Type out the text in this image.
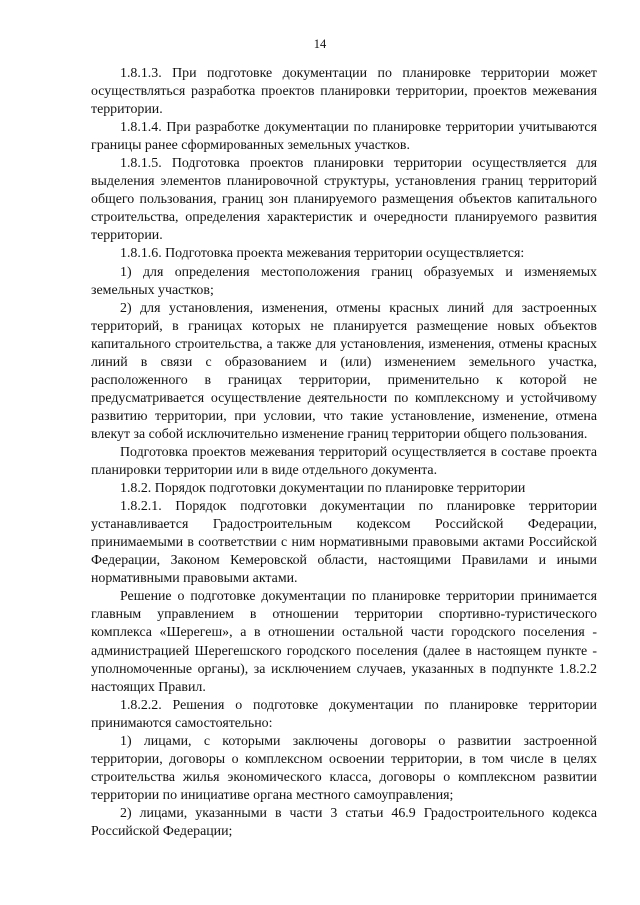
14

1.8.1.3. При подготовке документации по планировке территории может осуществляться разработка проектов планировки территории, проектов межевания территории.

1.8.1.4. При разработке документации по планировке территории учитываются границы ранее сформированных земельных участков.

1.8.1.5. Подготовка проектов планировки территории осуществляется для выделения элементов планировочной структуры, установления границ территорий общего пользования, границ зон планируемого размещения объектов капитального строительства, определения характеристик и очередности планируемого развития территории.

1.8.1.6. Подготовка проекта межевания территории осуществляется:

1) для определения местоположения границ образуемых и изменяемых земельных участков;

2) для установления, изменения, отмены красных линий для застроенных территорий, в границах которых не планируется размещение новых объектов капитального строительства, а также для установления, изменения, отмены красных линий в связи с образованием и (или) изменением земельного участка, расположенного в границах территории, применительно к которой не предусматривается осуществление деятельности по комплексному и устойчивому развитию территории, при условии, что такие установление, изменение, отмена влекут за собой исключительно изменение границ территории общего пользования.

Подготовка проектов межевания территорий осуществляется в составе проекта планировки территории или в виде отдельного документа.

1.8.2. Порядок подготовки документации по планировке территории

1.8.2.1. Порядок подготовки документации по планировке территории устанавливается Градостроительным кодексом Российской Федерации, принимаемыми в соответствии с ним нормативными правовыми актами Российской Федерации, Законом Кемеровской области, настоящими Правилами и иными нормативными правовыми актами.

Решение о подготовке документации по планировке территории принимается главным управлением в отношении территории спортивно-туристического комплекса «Шерегеш», а в отношении остальной части городского поселения - администрацией Шерегешского городского поселения (далее в настоящем пункте - уполномоченные органы), за исключением случаев, указанных в подпункте 1.8.2.2 настоящих Правил.

1.8.2.2. Решения о подготовке документации по планировке территории принимаются самостоятельно:

1) лицами, с которыми заключены договоры о развитии застроенной территории, договоры о комплексном освоении территории, в том числе в целях строительства жилья экономического класса, договоры о комплексном развитии территории по инициативе органа местного самоуправления;

2) лицами, указанными в части 3 статьи 46.9 Градостроительного кодекса Российской Федерации;
